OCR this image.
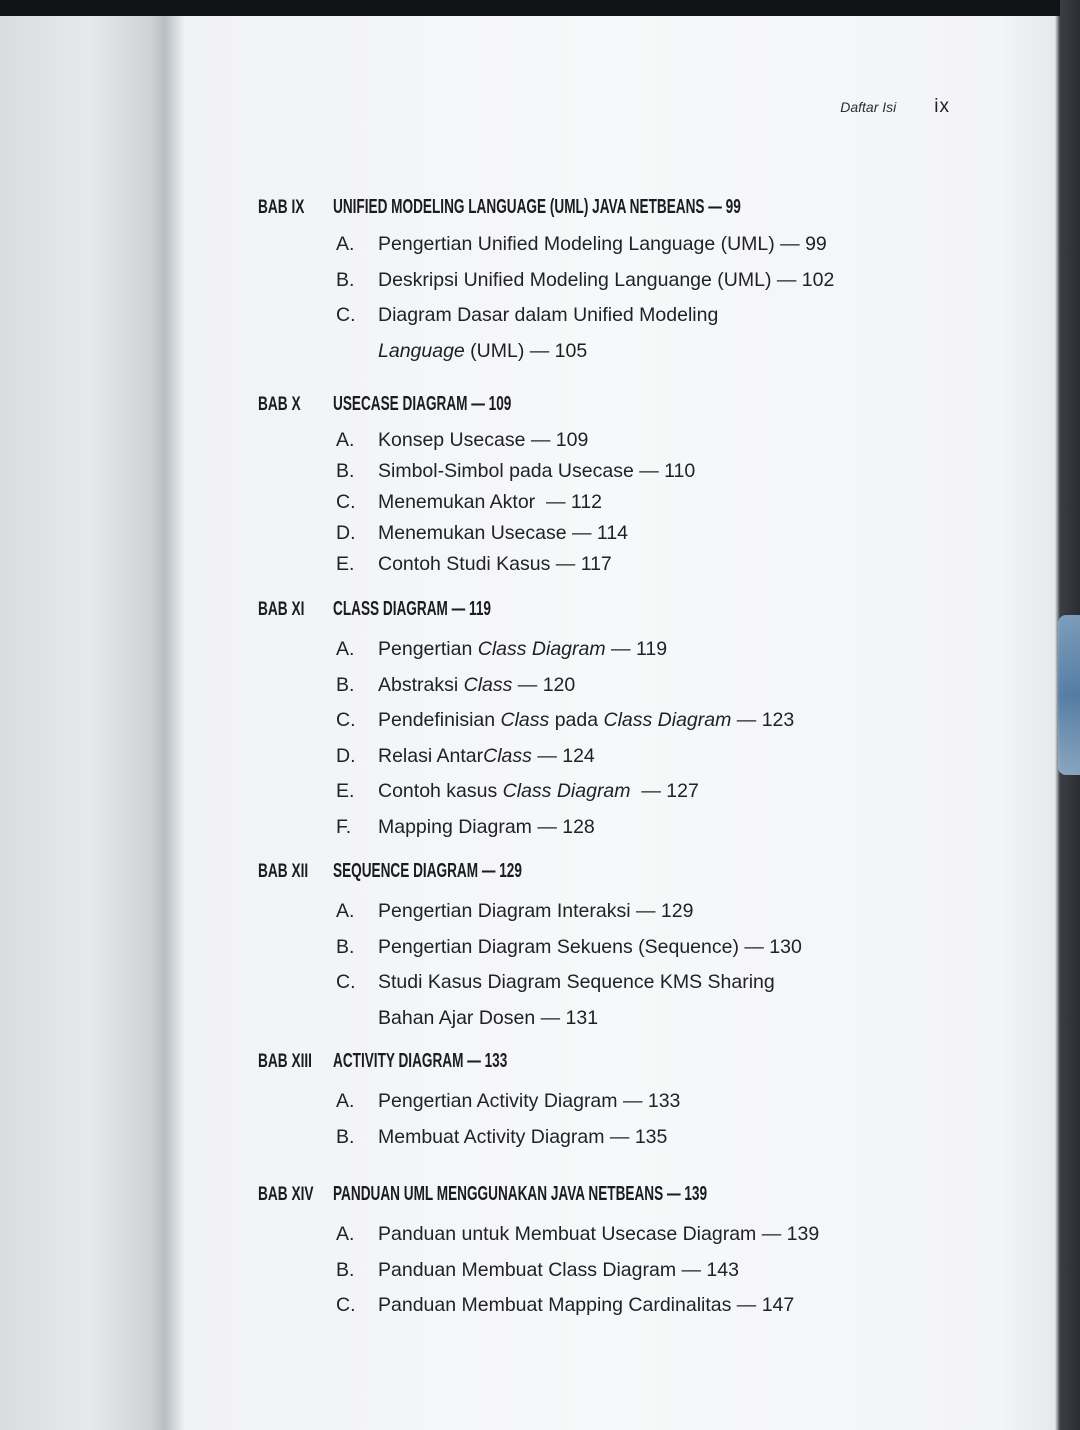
Daftar Isi ix
BAB IX	UNIFIED MODELING LANGUAGE (UML) JAVA NETBEANS — 99
A.	Pengertian Unified Modeling Language (UML) — 99
B.	Deskripsi Unified Modeling Languange (UML) — 102
C.	Diagram Dasar dalam Unified Modeling
Language (UML) — 105
BAB X	USECASE DIAGRAM — 109
A.	Konsep Usecase — 109
B.	Simbol-Simbol pada Usecase — 110
C.	Menemukan Aktor  — 112
D.	Menemukan Usecase — 114
E.	Contoh Studi Kasus — 117
BAB XI	CLASS DIAGRAM — 119
A.	Pengertian Class Diagram — 119
B.	Abstraksi Class — 120
C.	Pendefinisian Class pada Class Diagram — 123
D.	Relasi AntarClass — 124
E.	Contoh kasus Class Diagram  — 127
F.	Mapping Diagram — 128
BAB XII SEQUENCE DIAGRAM — 129
A.	Pengertian Diagram Interaksi — 129
B.	Pengertian Diagram Sekuens (Sequence) — 130
C.	Studi Kasus Diagram Sequence KMS Sharing
Bahan Ajar Dosen — 131
BAB XIII ACTIVITY DIAGRAM — 133
A.	Pengertian Activity Diagram — 133
B.	Membuat Activity Diagram — 135
BAB XIV PANDUAN UML MENGGUNAKAN JAVA NETBEANS — 139
A.	Panduan untuk Membuat Usecase Diagram — 139
B.	Panduan Membuat Class Diagram — 143
C.	Panduan Membuat Mapping Cardinalitas — 147
